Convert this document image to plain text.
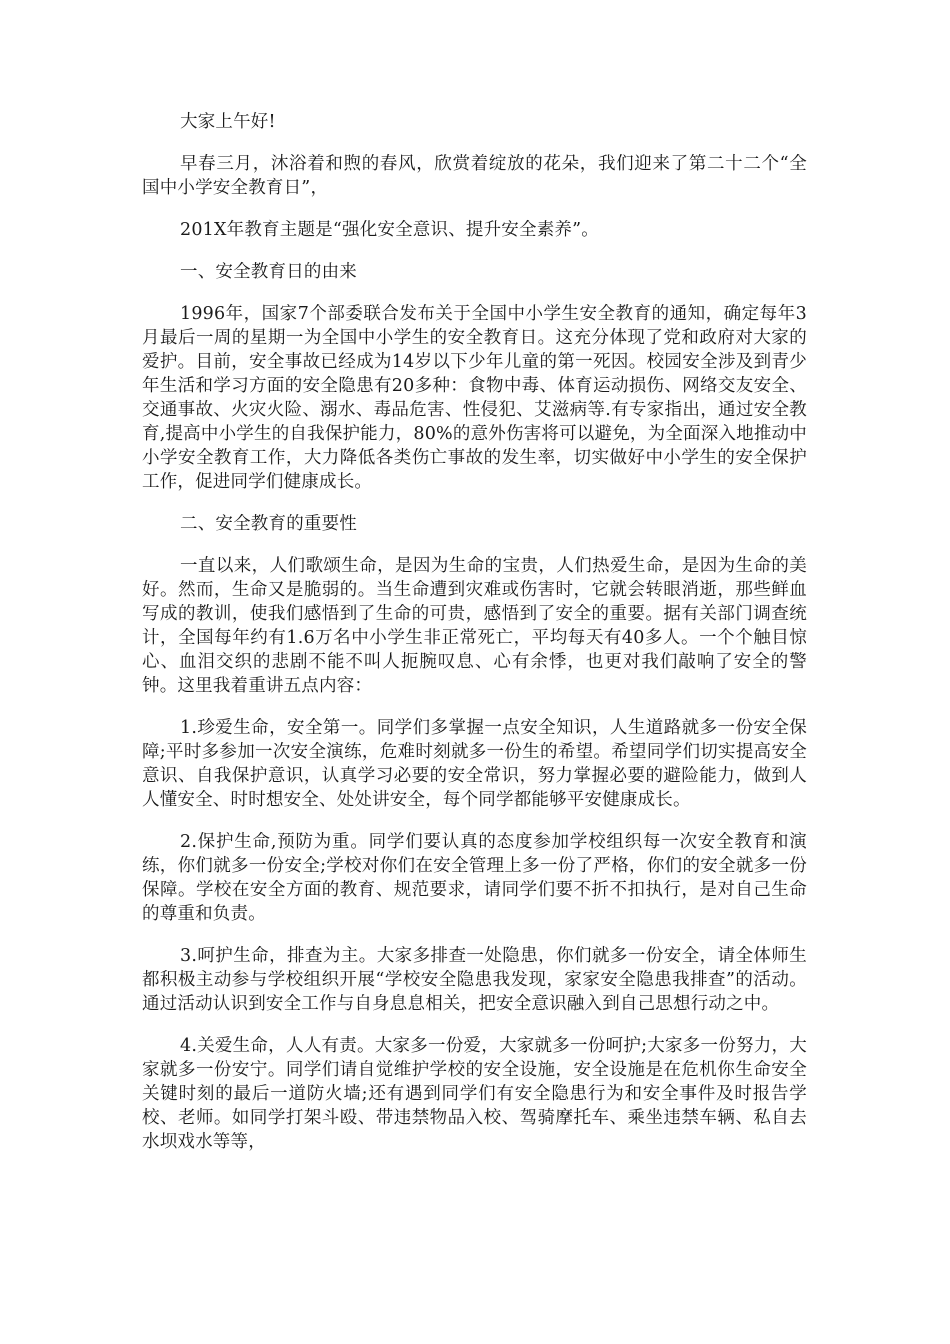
大家上午好!

早春三月，沐浴着和煦的春风，欣赏着绽放的花朵，我们迎来了第二十二个“全国中小学安全教育日”，

201X年教育主题是“强化安全意识、提升安全素养”。

一、安全教育日的由来

1996年，国家7个部委联合发布关于全国中小学生安全教育的通知，确定每年3月最后一周的星期一为全国中小学生的安全教育日。这充分体现了党和政府对大家的爱护。目前，安全事故已经成为14岁以下少年儿童的第一死因。校园安全涉及到青少年生活和学习方面的安全隐患有20多种：食物中毒、体育运动损伤、网络交友安全、交通事故、火灾火险、溺水、毒品危害、性侵犯、艾滋病等.有专家指出，通过安全教育,提高中小学生的自我保护能力，80%的意外伤害将可以避免，为全面深入地推动中小学安全教育工作，大力降低各类伤亡事故的发生率，切实做好中小学生的安全保护工作，促进同学们健康成长。

二、安全教育的重要性

一直以来，人们歌颂生命，是因为生命的宝贵，人们热爱生命，是因为生命的美好。然而，生命又是脆弱的。当生命遭到灾难或伤害时，它就会转眼消逝，那些鲜血写成的教训，使我们感悟到了生命的可贵，感悟到了安全的重要。据有关部门调查统计，全国每年约有1.6万名中小学生非正常死亡，平均每天有40多人。一个个触目惊心、血泪交织的悲剧不能不叫人扼腕叹息、心有余悸，也更对我们敲响了安全的警钟。这里我着重讲五点内容：

1.珍爱生命，安全第一。同学们多掌握一点安全知识，人生道路就多一份安全保障;平时多参加一次安全演练，危难时刻就多一份生的希望。希望同学们切实提高安全意识、自我保护意识，认真学习必要的安全常识，努力掌握必要的避险能力，做到人人懂安全、时时想安全、处处讲安全，每个同学都能够平安健康成长。

2.保护生命,预防为重。同学们要认真的态度参加学校组织每一次安全教育和演练，你们就多一份安全;学校对你们在安全管理上多一份了严格，你们的安全就多一份保障。学校在安全方面的教育、规范要求，请同学们要不折不扣执行，是对自己生命的尊重和负责。

3.呵护生命，排查为主。大家多排查一处隐患，你们就多一份安全，请全体师生都积极主动参与学校组织开展“学校安全隐患我发现，家家安全隐患我排查”的活动。通过活动认识到安全工作与自身息息相关，把安全意识融入到自己思想行动之中。

4.关爱生命，人人有责。大家多一份爱，大家就多一份呵护;大家多一份努力，大家就多一份安宁。同学们请自觉维护学校的安全设施，安全设施是在危机你生命安全关键时刻的最后一道防火墙;还有遇到同学们有安全隐患行为和安全事件及时报告学校、老师。如同学打架斗殴、带违禁物品入校、驾骑摩托车、乘坐违禁车辆、私自去水坝戏水等等，
